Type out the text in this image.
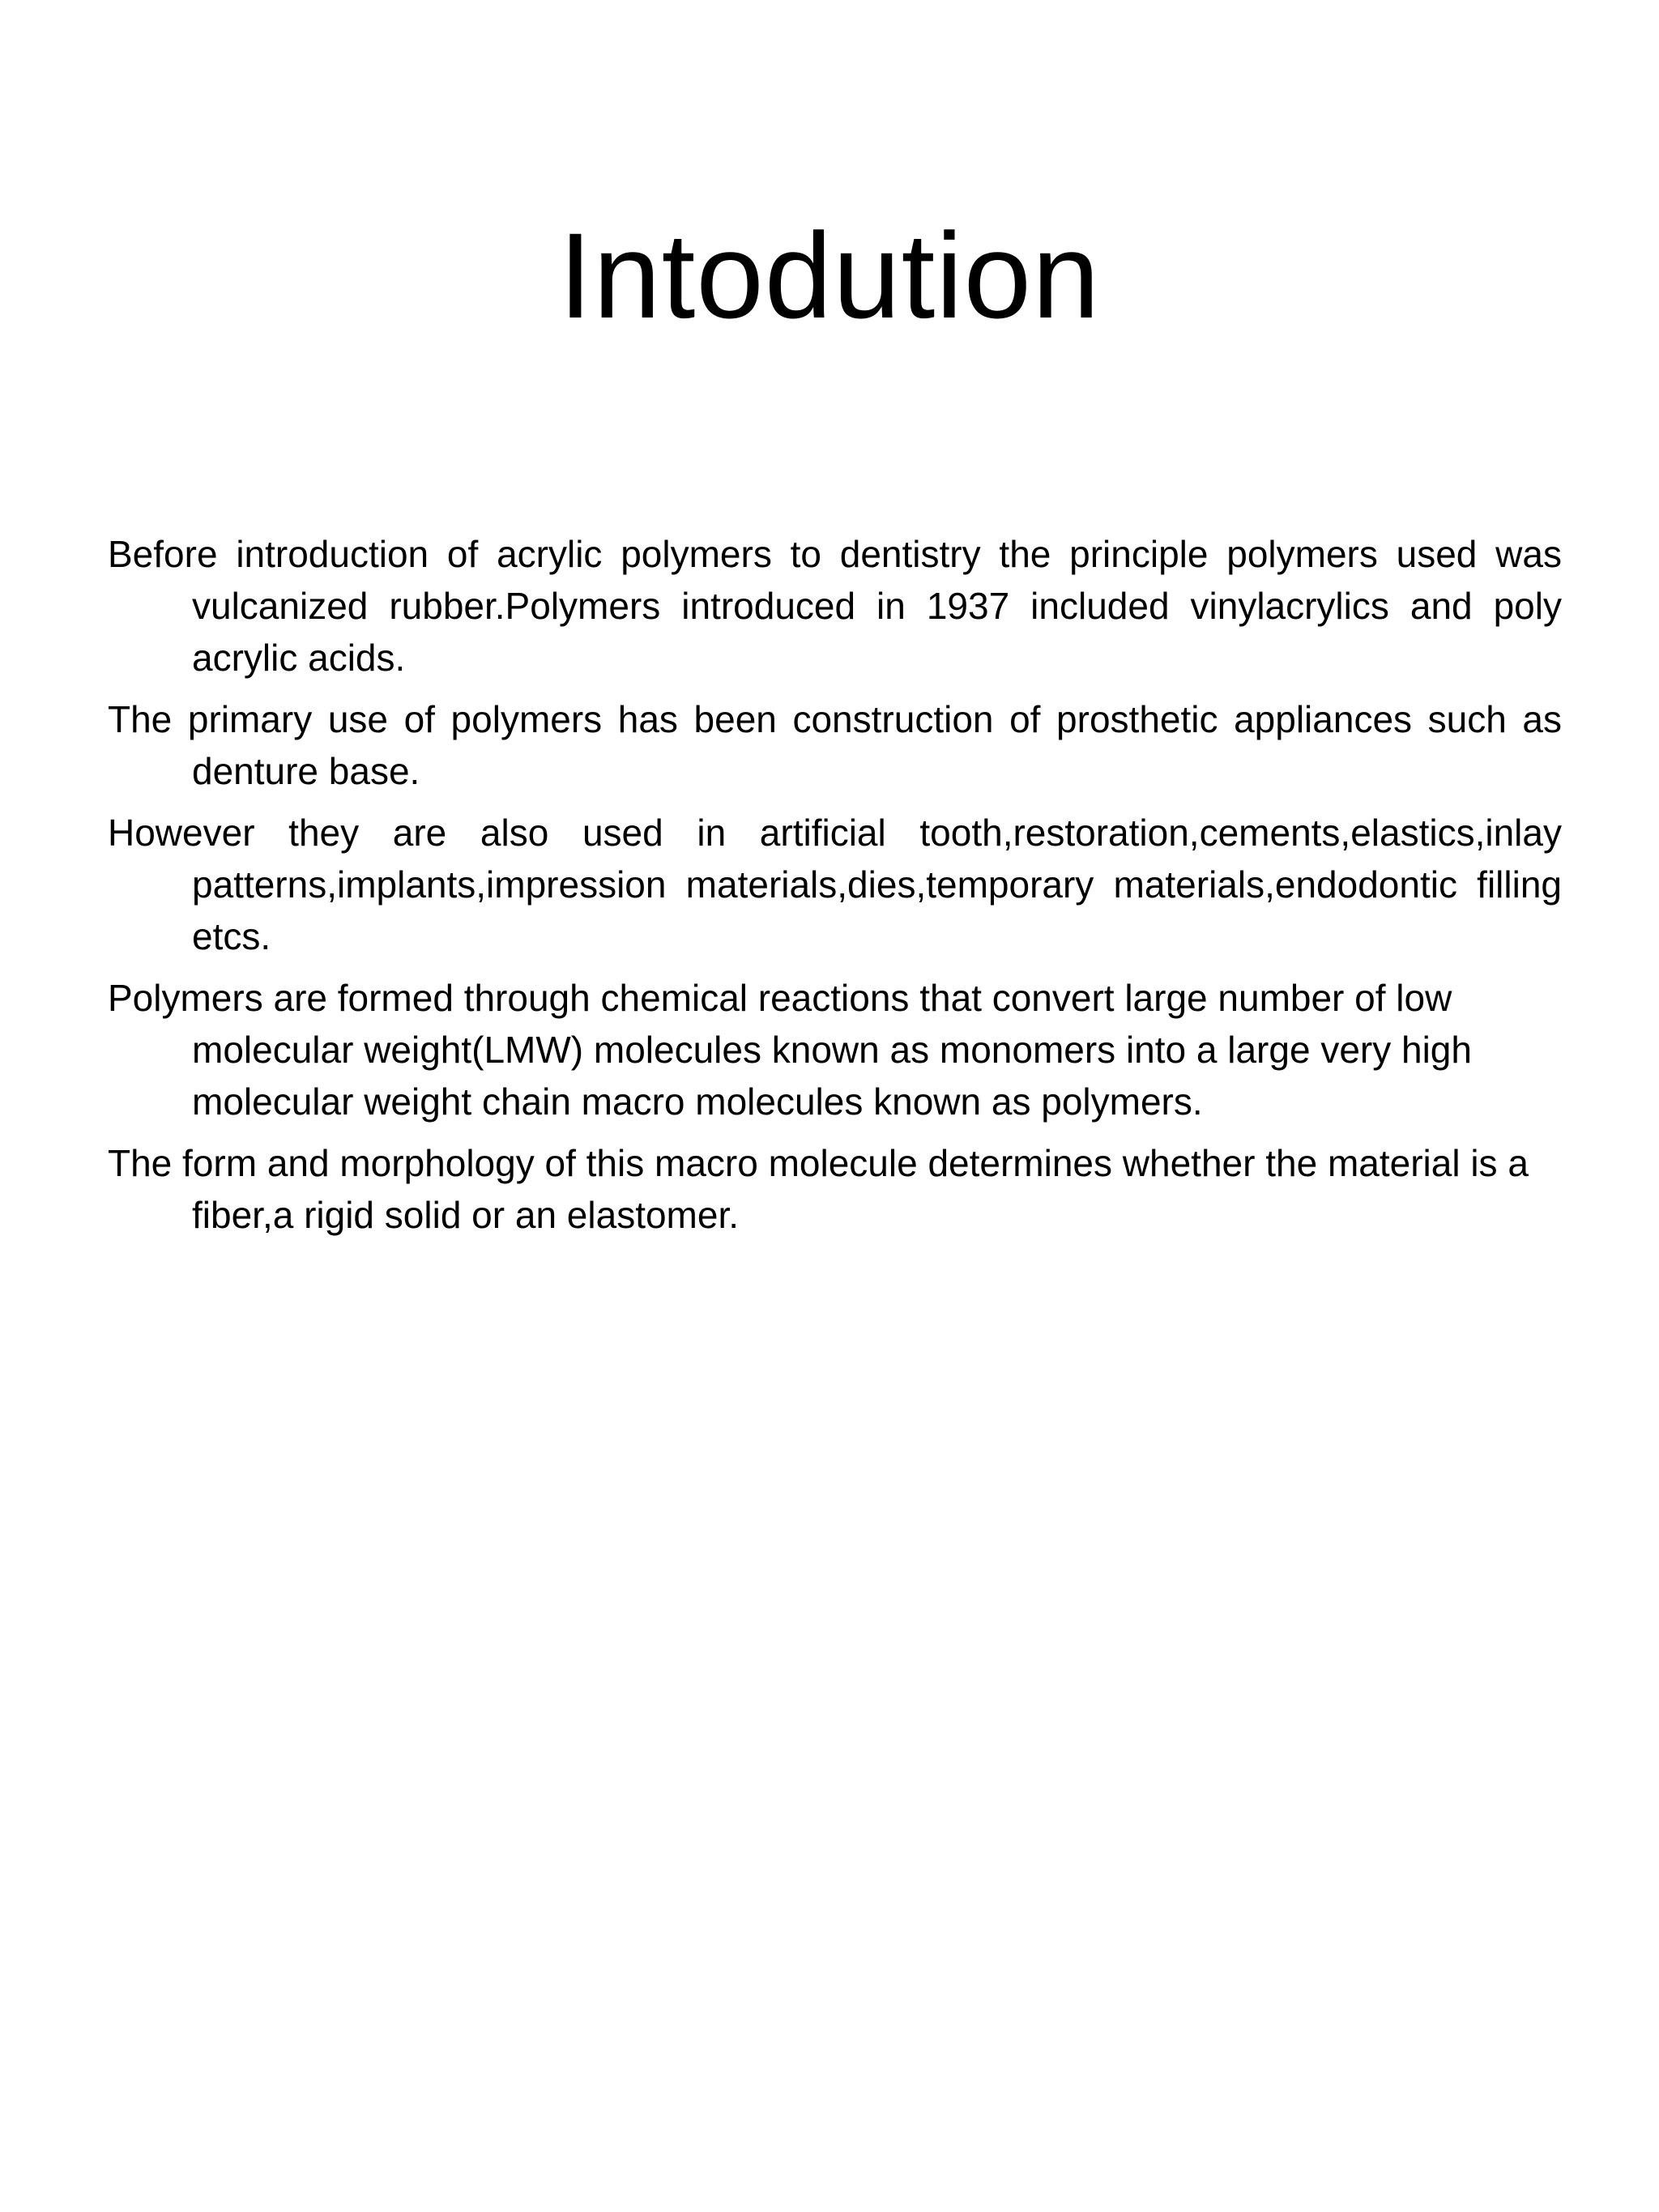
Intodution
Before introduction of acrylic polymers to dentistry the principle polymers used was vulcanized rubber.Polymers introduced in 1937 included vinylacrylics and poly acrylic acids.
The primary use of polymers has been construction of prosthetic appliances such as denture base.
However they are also used in artificial tooth,restoration,cements,elastics,inlay patterns,implants,impression materials,dies,temporary materials,endodontic filling etcs.
Polymers are formed through chemical reactions that convert large number of low molecular weight(LMW) molecules known as monomers into a large very high molecular weight chain macro molecules known as polymers.
The form and morphology of this macro molecule determines whether the material is a fiber,a rigid solid or an elastomer.
